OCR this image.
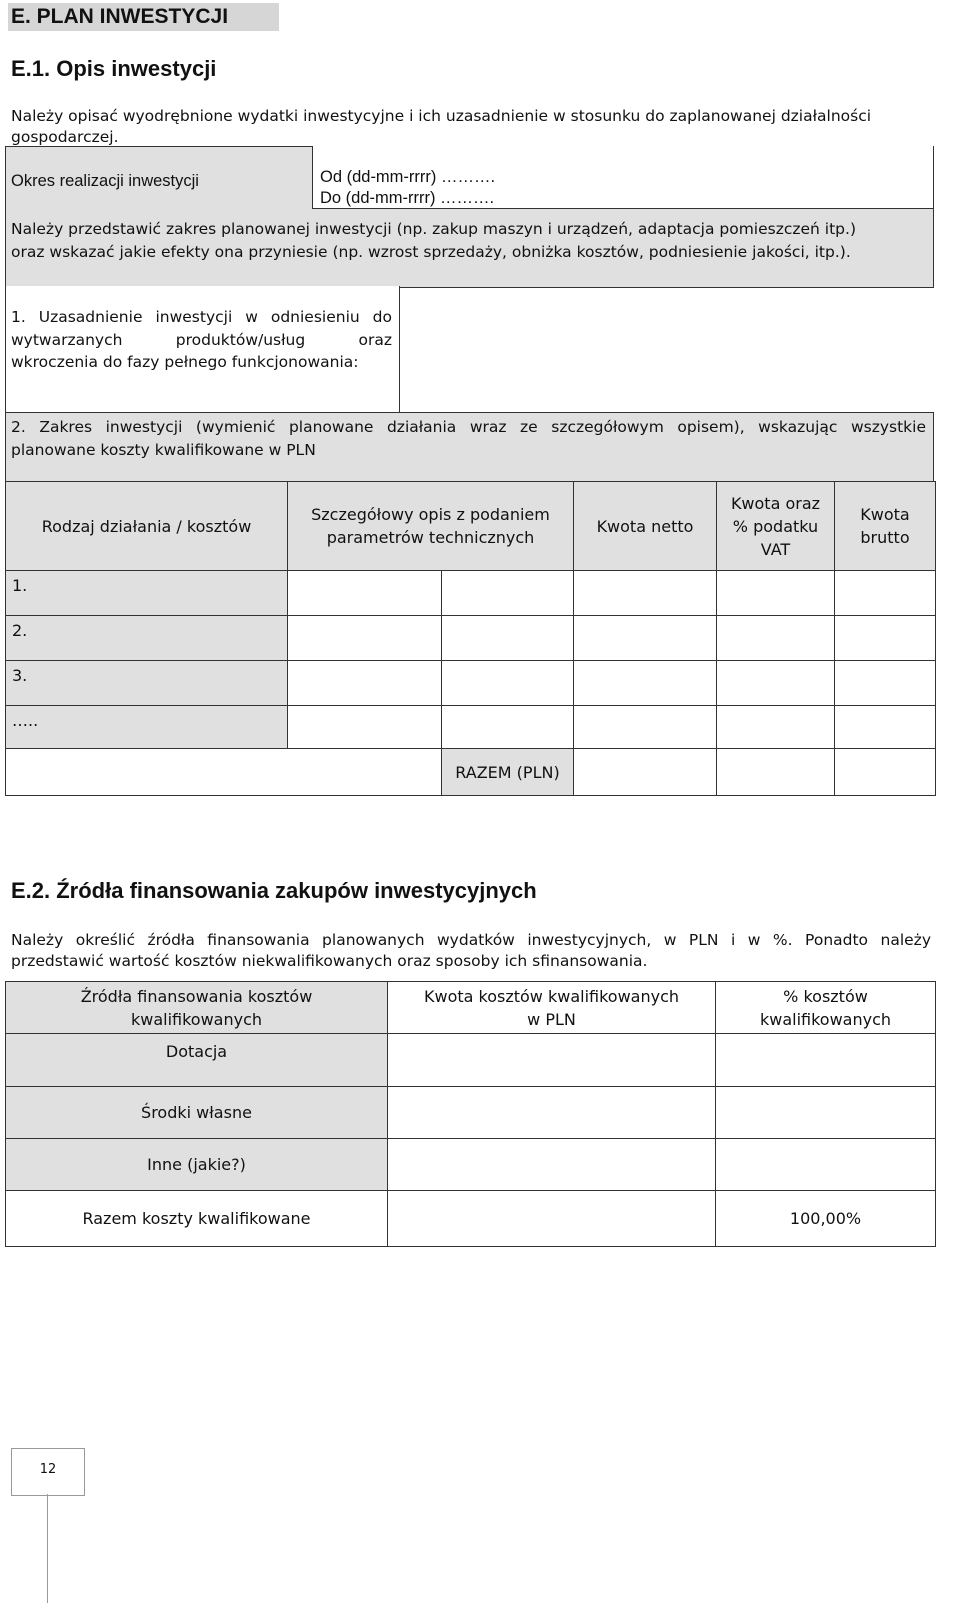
E. PLAN INWESTYCJI
E.1. Opis inwestycji
Należy opisać wyodrębnione wydatki inwestycyjne i ich uzasadnienie w stosunku do zaplanowanej działalności gospodarczej.
Okres realizacji inwestycji	Od (dd-mm-rrrr) ……….
Do (dd-mm-rrrr) ……….
Należy przedstawić zakres planowanej inwestycji (np. zakup maszyn i urządzeń, adaptacja pomieszczeń itp.)
oraz wskazać jakie efekty ona przyniesie (np. wzrost sprzedaży, obniżka kosztów, podniesienie jakości, itp.).
1. Uzasadnienie inwestycji w odniesieniu do
wytwarzanych produktów/usług oraz
wkroczenia do fazy pełnego funkcjonowania:
2. Zakres inwestycji (wymienić planowane działania wraz ze szczegółowym opisem), wskazując wszystkie
planowane koszty kwalifikowane w PLN
Rodzaj działania / kosztów	Szczegółowy opis z podaniem parametrów technicznych		Kwota netto	Kwota oraz % podatku VAT	Kwota brutto
1.					
2.					
3.					
…..					
		RAZEM (PLN)			
E.2. Źródła finansowania zakupów inwestycyjnych
Należy określić źródła finansowania planowanych wydatków inwestycyjnych, w PLN i w %. Ponadto należy
przedstawić wartość kosztów niekwalifikowanych oraz sposoby ich sfinansowania.
Źródła finansowania kosztów kwalifikowanych	Kwota kosztów kwalifikowanych w PLN	% kosztów kwalifikowanych
Dotacja		
Środki własne		
Inne (jakie?)		
Razem koszty kwalifikowane		100,00%
12
